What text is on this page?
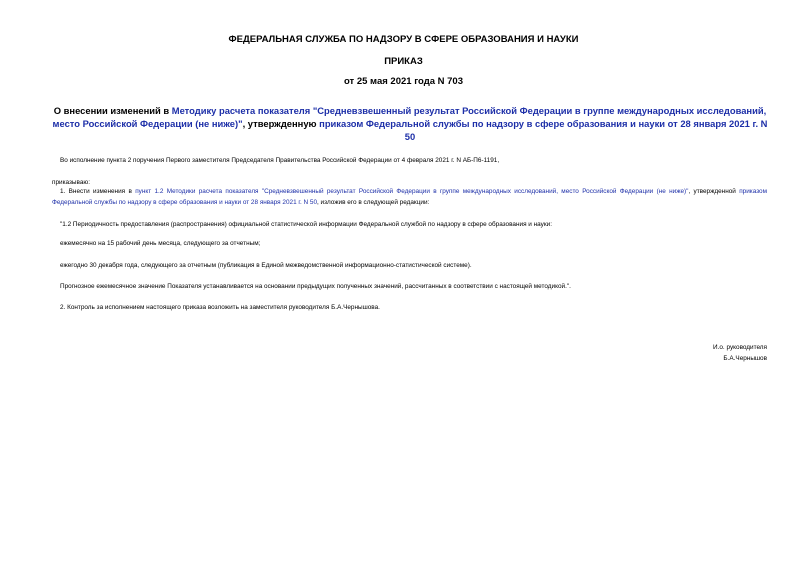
ФЕДЕРАЛЬНАЯ СЛУЖБА ПО НАДЗОРУ В СФЕРЕ ОБРАЗОВАНИЯ И НАУКИ
ПРИКАЗ
от 25 мая 2021 года N 703
О внесении изменений в Методику расчета показателя "Средневзвешенный результат Российской Федерации в группе международных исследований, место Российской Федерации (не ниже)", утвержденную приказом Федеральной службы по надзору в сфере образования и науки от 28 января 2021 г. N 50
Во исполнение пункта 2 поручения Первого заместителя Председателя Правительства Российской Федерации от 4 февраля 2021 г. N АБ-П6-1191,
приказываю:
1. Внести изменения в пункт 1.2 Методики расчета показателя "Средневзвешенный результат Российской Федерации в группе международных исследований, место Российской Федерации (не ниже)", утвержденной приказом Федеральной службы по надзору в сфере образования и науки от 28 января 2021 г. N 50, изложив его в следующей редакции:
"1.2 Периодичность предоставления (распространения) официальной статистической информации Федеральной службой по надзору в сфере образования и науки:
ежемесячно на 15 рабочий день месяца, следующего за отчетным;
ежегодно 30 декабря года, следующего за отчетным (публикация в Единой межведомственной информационно-статистической системе).
Прогнозное ежемесячное значение Показателя устанавливается на основании предыдущих полученных значений, рассчитанных в соответствии с настоящей методикой.".
2. Контроль за исполнением настоящего приказа возложить на заместителя руководителя Б.А.Чернышова.
И.о. руководителя
Б.А.Чернышов
